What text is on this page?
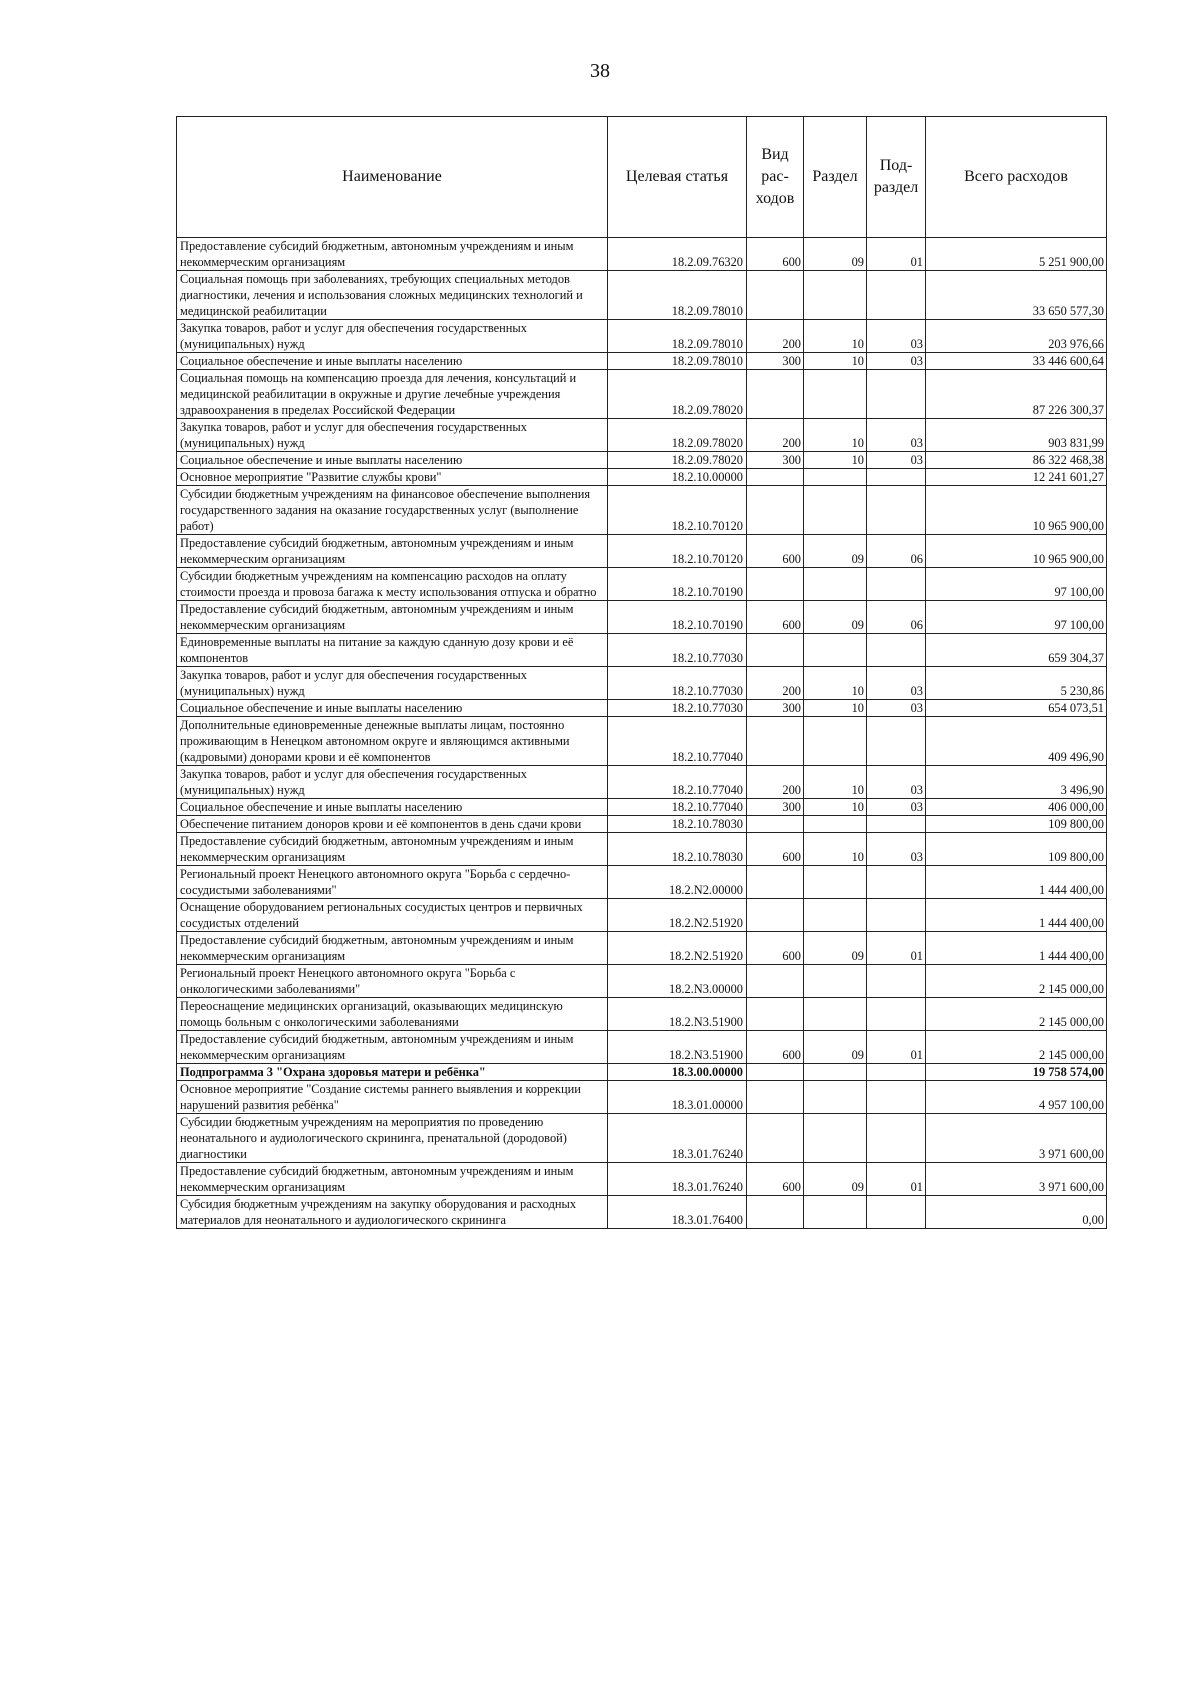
38
Наименование	Целевая статья	Вид рас-ходов	Раздел	Под-раздел	Всего расходов
Предоставление субсидий бюджетным, автономным учреждениям и иным некоммерческим организациям	18.2.09.76320	600	09	01	5 251 900,00
Социальная помощь при заболеваниях, требующих специальных методов диагностики, лечения и использования сложных медицинских технологий и медицинской реабилитации	18.2.09.78010				33 650 577,30
Закупка товаров, работ и услуг для обеспечения государственных (муниципальных) нужд	18.2.09.78010	200	10	03	203 976,66
Социальное обеспечение и иные выплаты населению	18.2.09.78010	300	10	03	33 446 600,64
Социальная помощь на компенсацию проезда для лечения, консультаций и медицинской реабилитации в окружные и другие лечебные учреждения здравоохранения в пределах Российской Федерации	18.2.09.78020				87 226 300,37
Закупка товаров, работ и услуг для обеспечения государственных (муниципальных) нужд	18.2.09.78020	200	10	03	903 831,99
Социальное обеспечение и иные выплаты населению	18.2.09.78020	300	10	03	86 322 468,38
Основное мероприятие "Развитие службы крови"	18.2.10.00000				12 241 601,27
Субсидии бюджетным учреждениям на финансовое обеспечение выполнения государственного задания на оказание государственных услуг (выполнение работ)	18.2.10.70120				10 965 900,00
Предоставление субсидий бюджетным, автономным учреждениям и иным некоммерческим организациям	18.2.10.70120	600	09	06	10 965 900,00
Субсидии бюджетным учреждениям на компенсацию расходов на оплату стоимости проезда и провоза багажа к месту использования отпуска и обратно	18.2.10.70190				97 100,00
Предоставление субсидий бюджетным, автономным учреждениям и иным некоммерческим организациям	18.2.10.70190	600	09	06	97 100,00
Единовременные выплаты на питание за каждую сданную дозу крови и её компонентов	18.2.10.77030				659 304,37
Закупка товаров, работ и услуг для обеспечения государственных (муниципальных) нужд	18.2.10.77030	200	10	03	5 230,86
Социальное обеспечение и иные выплаты населению	18.2.10.77030	300	10	03	654 073,51
Дополнительные единовременные денежные выплаты лицам, постоянно проживающим в Ненецком автономном округе и являющимся активными (кадровыми) донорами крови и её компонентов	18.2.10.77040				409 496,90
Закупка товаров, работ и услуг для обеспечения государственных (муниципальных) нужд	18.2.10.77040	200	10	03	3 496,90
Социальное обеспечение и иные выплаты населению	18.2.10.77040	300	10	03	406 000,00
Обеспечение питанием доноров крови и её компонентов в день сдачи крови	18.2.10.78030				109 800,00
Предоставление субсидий бюджетным, автономным учреждениям и иным некоммерческим организациям	18.2.10.78030	600	10	03	109 800,00
Региональный проект Ненецкого автономного округа "Борьба с сердечно-сосудистыми заболеваниями"	18.2.N2.00000				1 444 400,00
Оснащение оборудованием региональных сосудистых центров и первичных сосудистых отделений	18.2.N2.51920				1 444 400,00
Предоставление субсидий бюджетным, автономным учреждениям и иным некоммерческим организациям	18.2.N2.51920	600	09	01	1 444 400,00
Региональный проект Ненецкого автономного округа "Борьба с онкологическими заболеваниями"	18.2.N3.00000				2 145 000,00
Переоснащение медицинских организаций, оказывающих медицинскую помощь больным с онкологическими заболеваниями	18.2.N3.51900				2 145 000,00
Предоставление субсидий бюджетным, автономным учреждениям и иным некоммерческим организациям	18.2.N3.51900	600	09	01	2 145 000,00
Подпрограмма 3 "Охрана здоровья матери и ребёнка"	18.3.00.00000				19 758 574,00
Основное мероприятие "Создание системы раннего выявления и коррекции нарушений развития ребёнка"	18.3.01.00000				4 957 100,00
Субсидии бюджетным учреждениям на мероприятия по проведению неонатального и аудиологического скрининга, пренатальной (дородовой) диагностики	18.3.01.76240				3 971 600,00
Предоставление субсидий бюджетным, автономным учреждениям и иным некоммерческим организациям	18.3.01.76240	600	09	01	3 971 600,00
Субсидия бюджетным учреждениям на закупку оборудования и расходных материалов для неонатального и аудиологического скрининга	18.3.01.76400				0,00
